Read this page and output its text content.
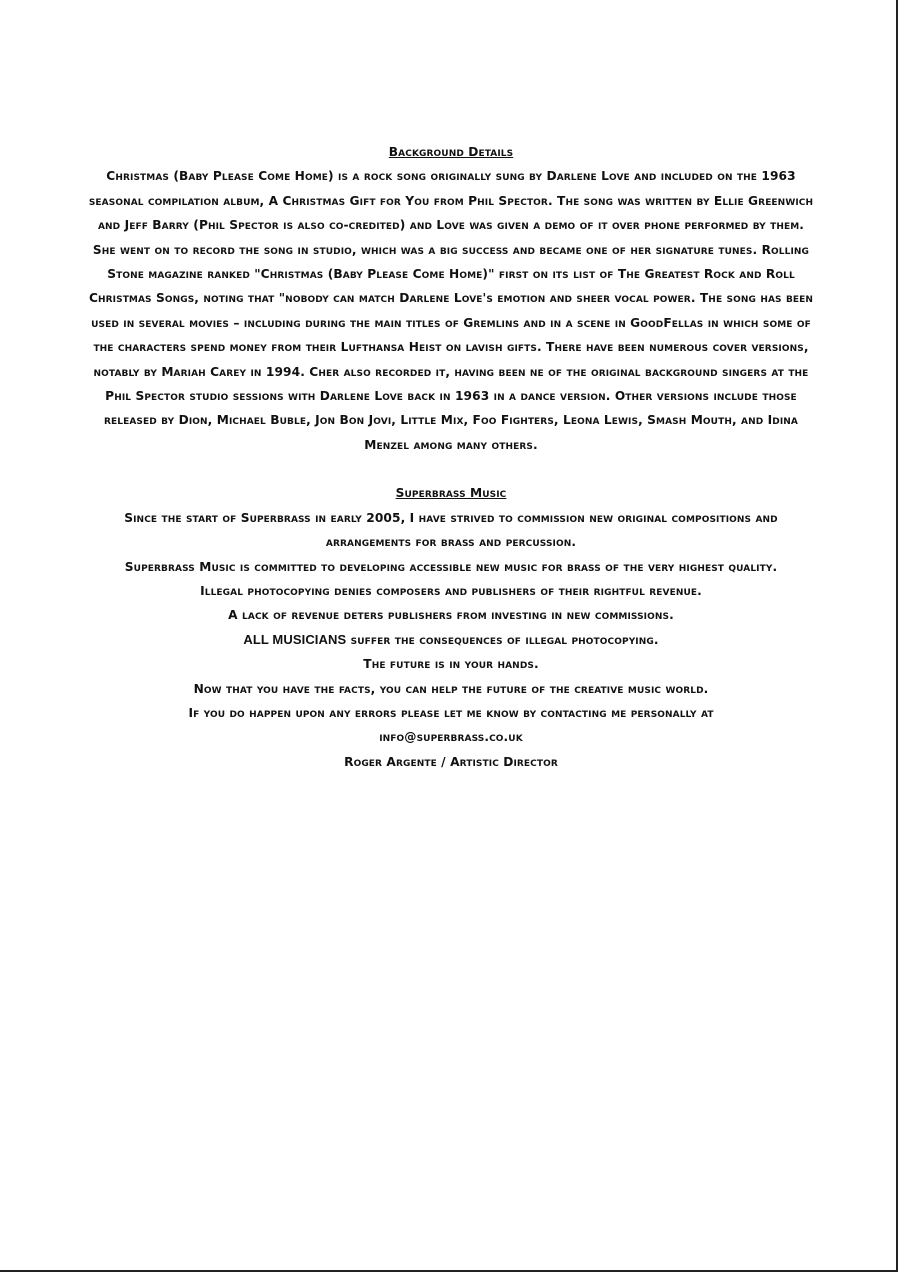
Background Details
Christmas (Baby Please Come Home) is a rock song originally sung by Darlene Love and included on the 1963 seasonal compilation album, A Christmas Gift for You from Phil Spector. The song was written by Ellie Greenwich and Jeff Barry (Phil Spector is also co-credited) and Love was given a demo of it over phone performed by them. She went on to record the song in studio, which was a big success and became one of her signature tunes. Rolling Stone magazine ranked "Christmas (Baby Please Come Home)" first on its list of The Greatest Rock and Roll Christmas Songs, noting that "nobody can match Darlene Love's emotion and sheer vocal power. The song has been used in several movies – including during the main titles of Gremlins and in a scene in GoodFellas in which some of the characters spend money from their Lufthansa Heist on lavish gifts. There have been numerous cover versions, notably by Mariah Carey in 1994. Cher also recorded it, having been ne of the original background singers at the Phil Spector studio sessions with Darlene Love back in 1963 in a dance version. Other versions include those released by Dion, Michael Buble, Jon Bon Jovi, Little Mix, Foo Fighters, Leona Lewis, Smash Mouth, and Idina Menzel among many others.
Superbrass Music
Since the start of Superbrass in early 2005, I have strived to commission new original compositions and arrangements for brass and percussion.
Superbrass Music is committed to developing accessible new music for brass of the very highest quality.
Illegal photocopying denies composers and publishers of their rightful revenue.
A lack of revenue deters publishers from investing in new commissions.
ALL MUSICIANS suffer the consequences of illegal photocopying.
The future is in your hands.
Now that you have the facts, you can help the future of the creative music world.
If you do happen upon any errors please let me know by contacting me personally at
info@superbrass.co.uk
Roger Argente / Artistic Director
